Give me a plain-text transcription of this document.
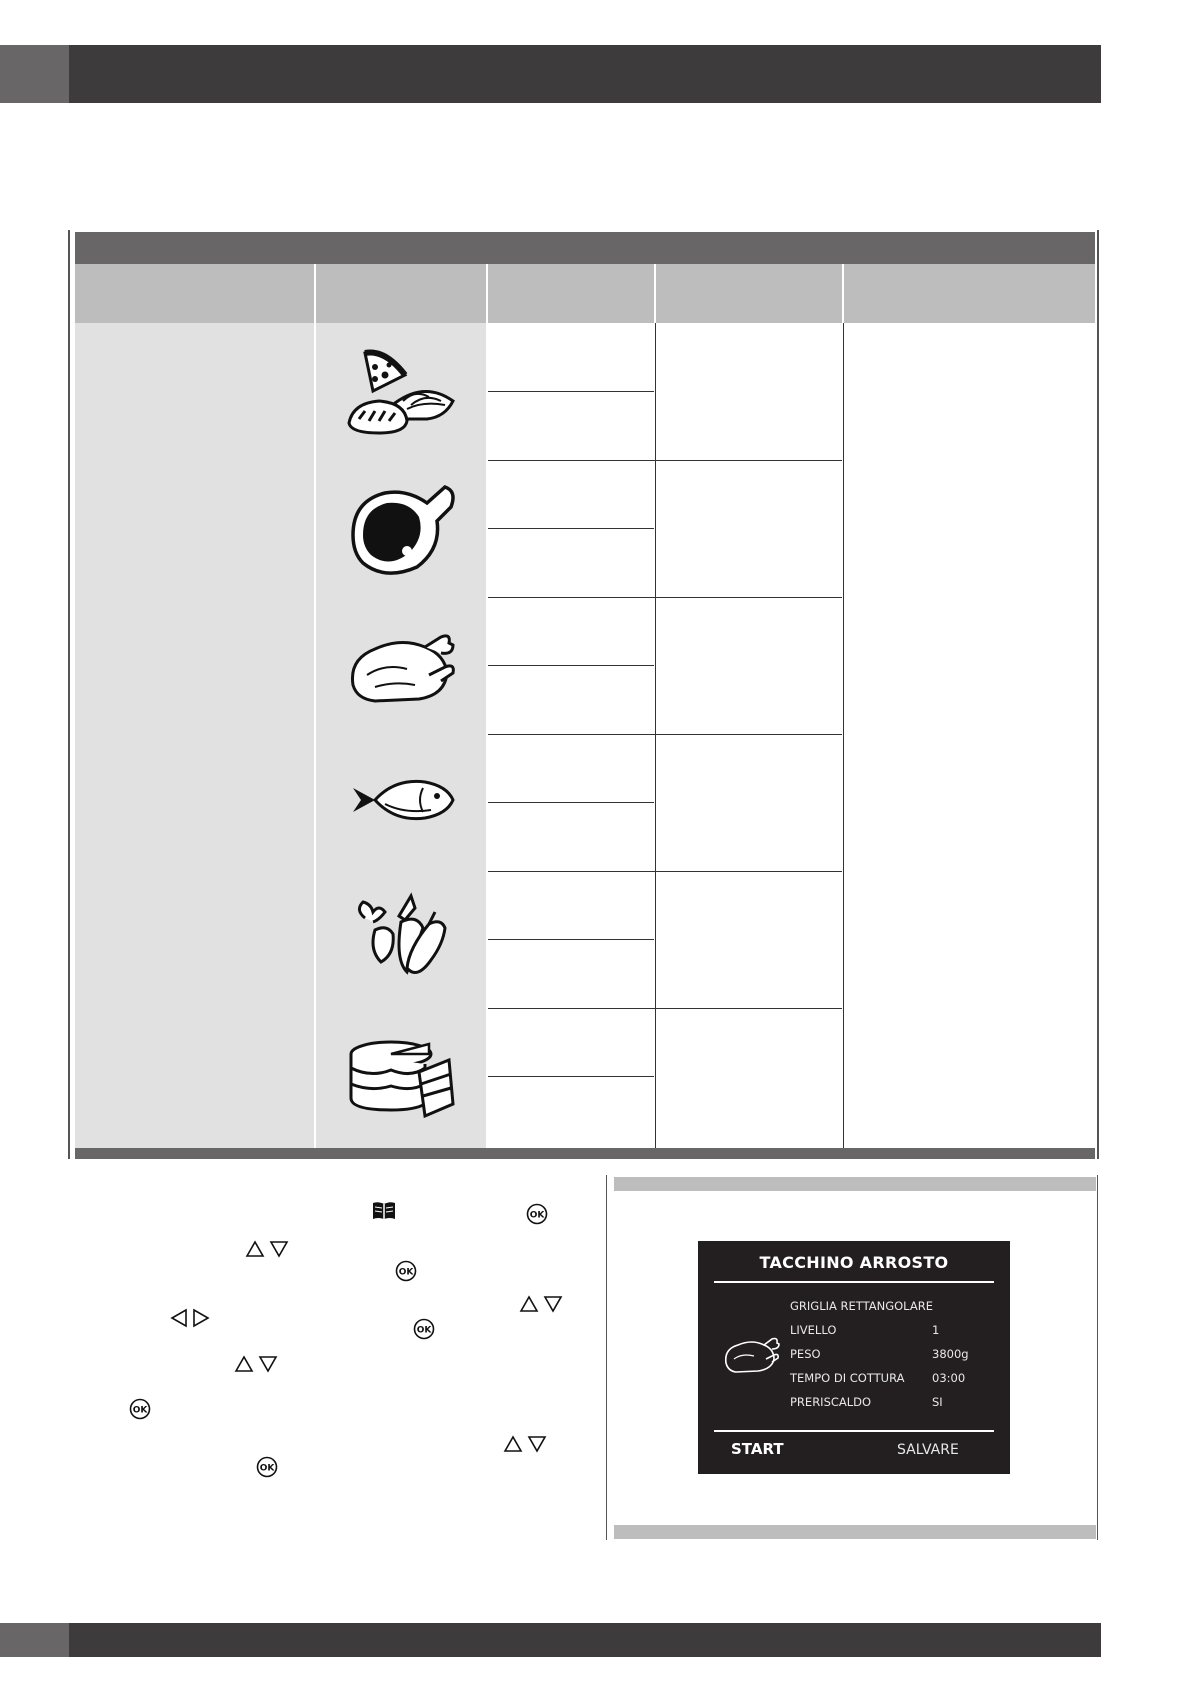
OK
OK
OK
OK
OK
TACCHINO ARROSTO
GRIGLIA RETTANGOLARE
LIVELLO	1
PESO	3800g
TEMPO DI COTTURA 03:00
PRERISCALDO	SI
START	SALVARE
